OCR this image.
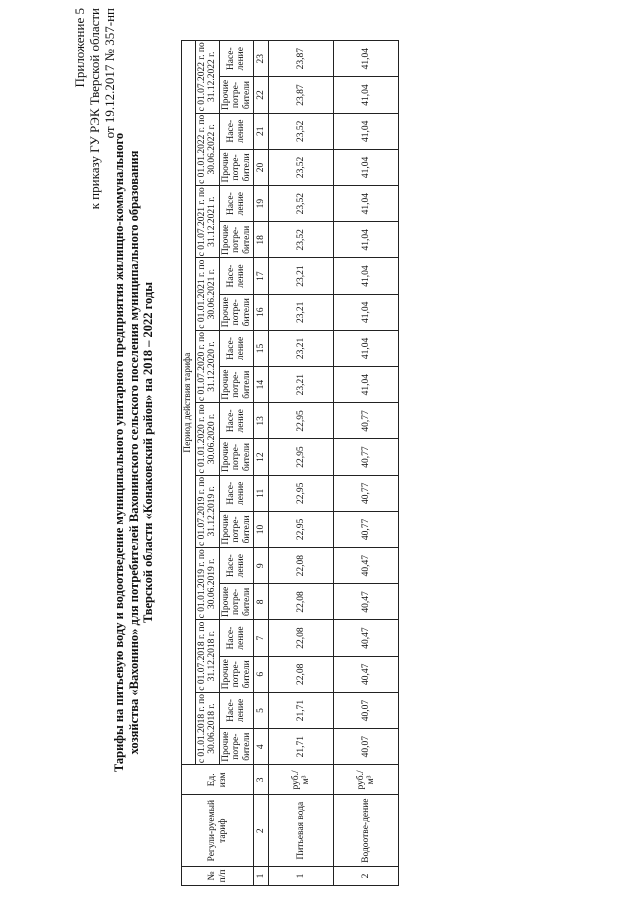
Приложение 5 к приказу ГУ РЭК Тверской области от 19.12.2017 № 357-нп
Тарифы на питьевую воду и водоотведение муниципального унитарного предприятия жилищно-коммунального хозяйства «Вахонино» для потребителей Вахонинского сельского поселения муниципального образования Тверской области «Конаковский район» на 2018 – 2022 годы
№ п/п	Регули-руемый тариф	Ед. изм	Период действия тарифа																			
			с 01.01.2018 г. по 30.06.2018 г.		с 01.07.2018 г. по 31.12.2018 г.		с 01.01.2019 г. по 30.06.2019 г.		с 01.07.2019 г. по 31.12.2019 г.		с 01.01.2020 г. по 30.06.2020 г.		с 01.07.2020 г. по 31.12.2020 г.		с 01.01.2021 г. по 30.06.2021 г.		с 01.07.2021 г. по 31.12.2021 г.		с 01.01.2022 г. по 30.06.2022 г.		с 01.07.2022 г. по 31.12.2022 г.	
			Прочие потре-бители	Насе-ление	Прочие потре-бители	Насе-ление	Прочие потре-бители	Насе-ление	Прочие потре-бители	Насе-ление	Прочие потре-бители	Насе-ление	Прочие потре-бители	Насе-ление	Прочие потре-бители	Насе-ление	Прочие потре-бители	Насе-ление	Прочие потре-бители	Насе-ление	Прочие потре-бители	Насе-ление
1	2	3	4	5	6	7	8	9	10	11	12	13	14	15	16	17	18	19	20	21	22	23
1	Питьевая вода	руб./м³	21,71	21,71	22,08	22,08	22,08	22,08	22,95	22,95	22,95	22,95	23,21	23,21	23,21	23,21	23,52	23,52	23,52	23,52	23,87	23,87
2	Водоотве-дение	руб./м³	40,07	40,07	40,47	40,47	40,47	40,47	40,77	40,77	40,77	40,77	41,04	41,04	41,04	41,04	41,04	41,04	41,04	41,04	41,04	41,04
